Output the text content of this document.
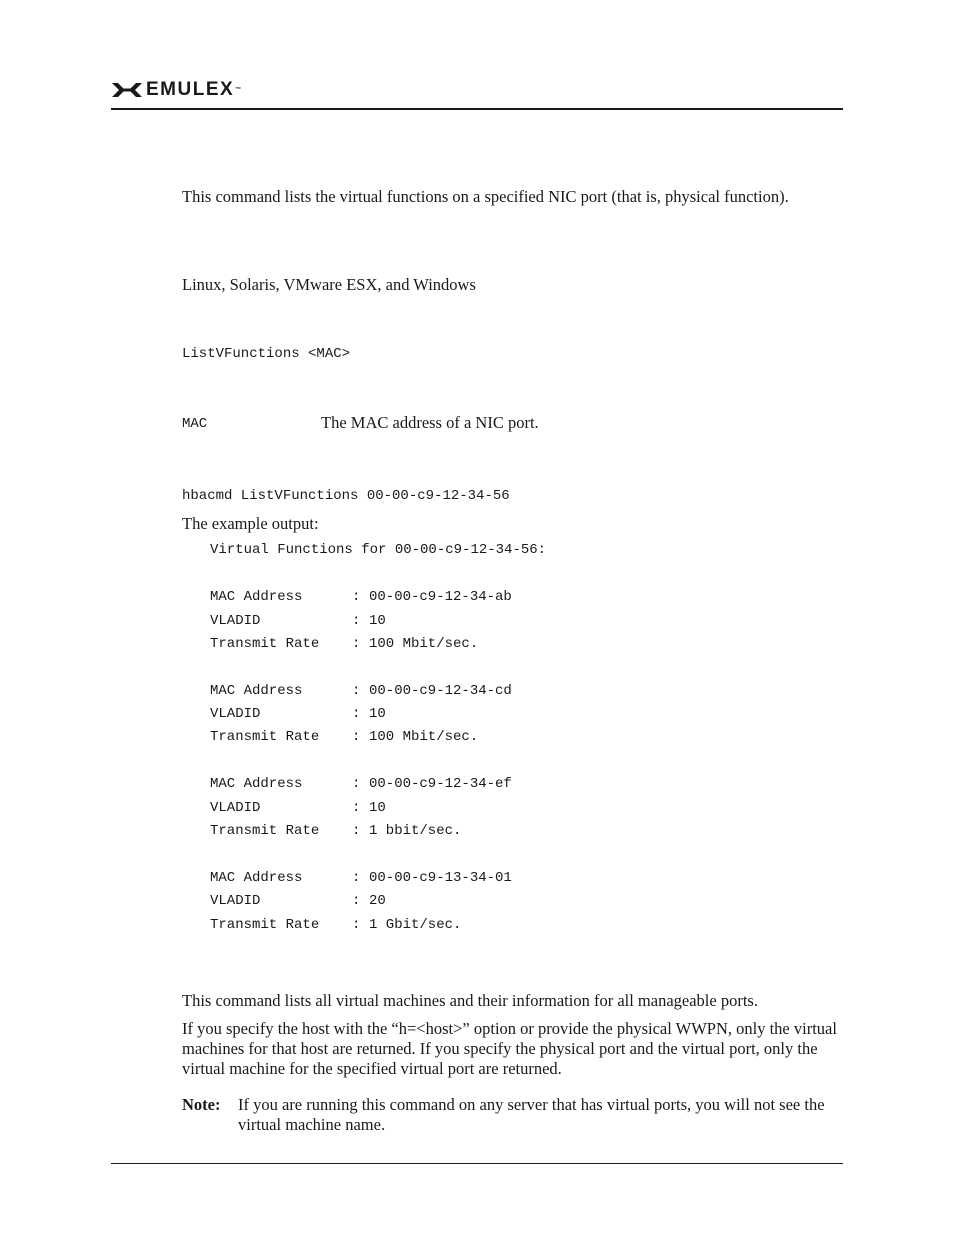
EMULEX™
This command lists the virtual functions on a specified NIC port (that is, physical function).
Linux, Solaris, VMware ESX, and Windows
ListVFunctions <MAC>
MAC	The MAC address of a NIC port.
hbacmd ListVFunctions 00-00-c9-12-34-56
The example output:
Virtual Functions for 00-00-c9-12-34-56:
MAC Address	: 00-00-c9-12-34-ab
VLADID	: 10
Transmit Rate : 100 Mbit/sec.
MAC Address	: 00-00-c9-12-34-cd
VLADID	: 10
Transmit Rate : 100 Mbit/sec.
MAC Address	: 00-00-c9-12-34-ef
VLADID	: 10
Transmit Rate : 1 bbit/sec.
MAC Address	: 00-00-c9-13-34-01
VLADID	: 20
Transmit Rate : 1 Gbit/sec.
This command lists all virtual machines and their information for all manageable ports.
If you specify the host with the “h=<host>” option or provide the physical WWPN, only the virtual machines for that host are returned. If you specify the physical port and the virtual port, only the virtual machine for the specified virtual port are returned.
Note: If you are running this command on any server that has virtual ports, you will not see the virtual machine name.
